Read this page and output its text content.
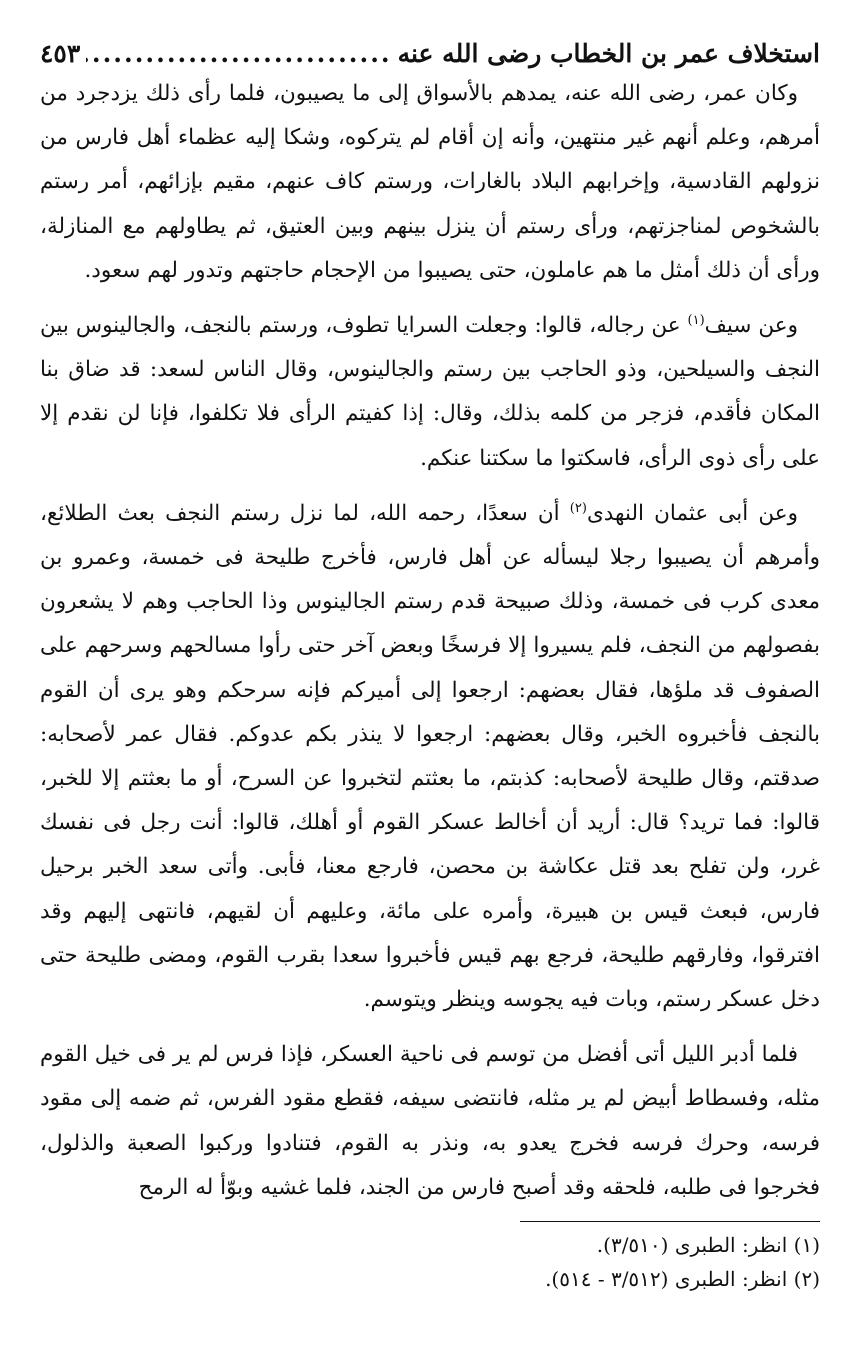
استخلاف عمر بن الخطاب رضى الله عنه
.....
٤٥٣

وكان عمر، رضى الله عنه، يمدهم بالأسواق إلى ما يصيبون، فلما رأى ذلك يزدجرد من أمرهم، وعلم أنهم غير منتهين، وأنه إن أقام لم يتركوه، وشكا إليه عظماء أهل فارس من نزولهم القادسية، وإخرابهم البلاد بالغارات، ورستم كاف عنهم، مقيم بإزائهم، أمر رستم بالشخوص لمناجزتهم، ورأى رستم أن ينزل بينهم وبين العتيق، ثم يطاولهم مع المنازلة، ورأى أن ذلك أمثل ما هم عاملون، حتى يصيبوا من الإحجام حاجتهم وتدور لهم سعود.

وعن سيف$^{(١)}$ عن رجاله، قالوا: وجعلت السرايا تطوف، ورستم بالنجف، والجالينوس بين النجف والسيلحين، وذو الحاجب بين رستم والجالينوس، وقال الناس لسعد: قد ضاق بنا المكان فأقدم، فزجر من كلمه بذلك، وقال: إذا كفيتم الرأى فلا تكلفوا، فإنا لن نقدم إلا على رأى ذوى الرأى، فاسكتوا ما سكتنا عنكم.

وعن أبى عثمان النهدى$^{(٢)}$ أن سعدًا، رحمه الله، لما نزل رستم النجف بعث الطلائع، وأمرهم أن يصيبوا رجلا ليسأله عن أهل فارس، فأخرج طليحة فى خمسة، وعمرو بن معدى كرب فى خمسة، وذلك صبيحة قدم رستم الجالينوس وذا الحاجب وهم لا يشعرون بفصولهم من النجف، فلم يسيروا إلا فرسخًا وبعض آخر حتى رأوا مسالحهم وسرحهم على الصفوف قد ملؤها، فقال بعضهم: ارجعوا إلى أميركم فإنه سرحكم وهو يرى أن القوم بالنجف فأخبروه الخبر، وقال بعضهم: ارجعوا لا ينذر بكم عدوكم. فقال عمر لأصحابه: صدقتم، وقال طليحة لأصحابه: كذبتم، ما بعثتم لتخبروا عن السرح، أو ما بعثتم إلا للخبر، قالوا: فما تريد؟ قال: أريد أن أخالط عسكر القوم أو أهلك، قالوا: أنت رجل فى نفسك غرر، ولن تفلح بعد قتل عكاشة بن محصن، فارجع معنا، فأبى. وأتى سعد الخبر برحيل فارس، فبعث قيس بن هبيرة، وأمره على مائة، وعليهم أن لقيهم، فانتهى إليهم وقد افترقوا، وفارقهم طليحة، فرجع بهم قيس فأخبروا سعدا بقرب القوم، ومضى طليحة حتى دخل عسكر رستم، وبات فيه يجوسه وينظر ويتوسم.

فلما أدبر الليل أتى أفضل من توسم فى ناحية العسكر، فإذا فرس لم ير فى خيل القوم مثله، وفسطاط أبيض لم ير مثله، فانتضى سيفه، فقطع مقود الفرس، ثم ضمه إلى مقود فرسه، وحرك فرسه فخرج يعدو به، ونذر به القوم، فتنادوا وركبوا الصعبة والذلول، فخرجوا فى طلبه، فلحقه وقد أصبح فارس من الجند، فلما غشيه وبوّأ له الرمح

(١) انظر: الطبرى (٣/٥١٠).
(٢) انظر: الطبرى (٣/٥١٢ - ٥١٤).
